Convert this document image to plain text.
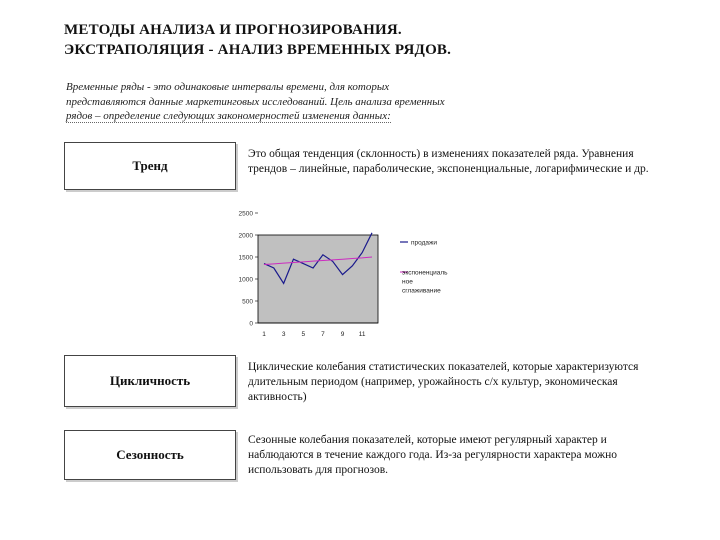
МЕТОДЫ АНАЛИЗА И ПРОГНОЗИРОВАНИЯ.
ЭКСТРАПОЛЯЦИЯ - АНАЛИЗ ВРЕМЕННЫХ РЯДОВ.
Временные ряды - это одинаковые интервалы времени, для которых
представляются данные маркетинговых исследований. Цель анализа временных
рядов – определение следующих закономерностей изменения данных:
Тренд
Это общая тенденция (склонность) в изменениях показателей ряда. Уравнения трендов – линейные, параболические, экспоненциальные, логарифмические и др.
0
500
1000
1500
2000
2500
1 3 5 7 9 11
продажи
экспоненциаль
ное
сглаживание
Цикличность
Циклические колебания статистических показателей, которые характеризуются длительным периодом (например, урожайность с/х культур, экономическая активность)
Сезонность
Сезонные колебания показателей, которые имеют регулярный характер и наблюдаются в течение каждого года. Из-за регулярности характера можно использовать для прогнозов.
